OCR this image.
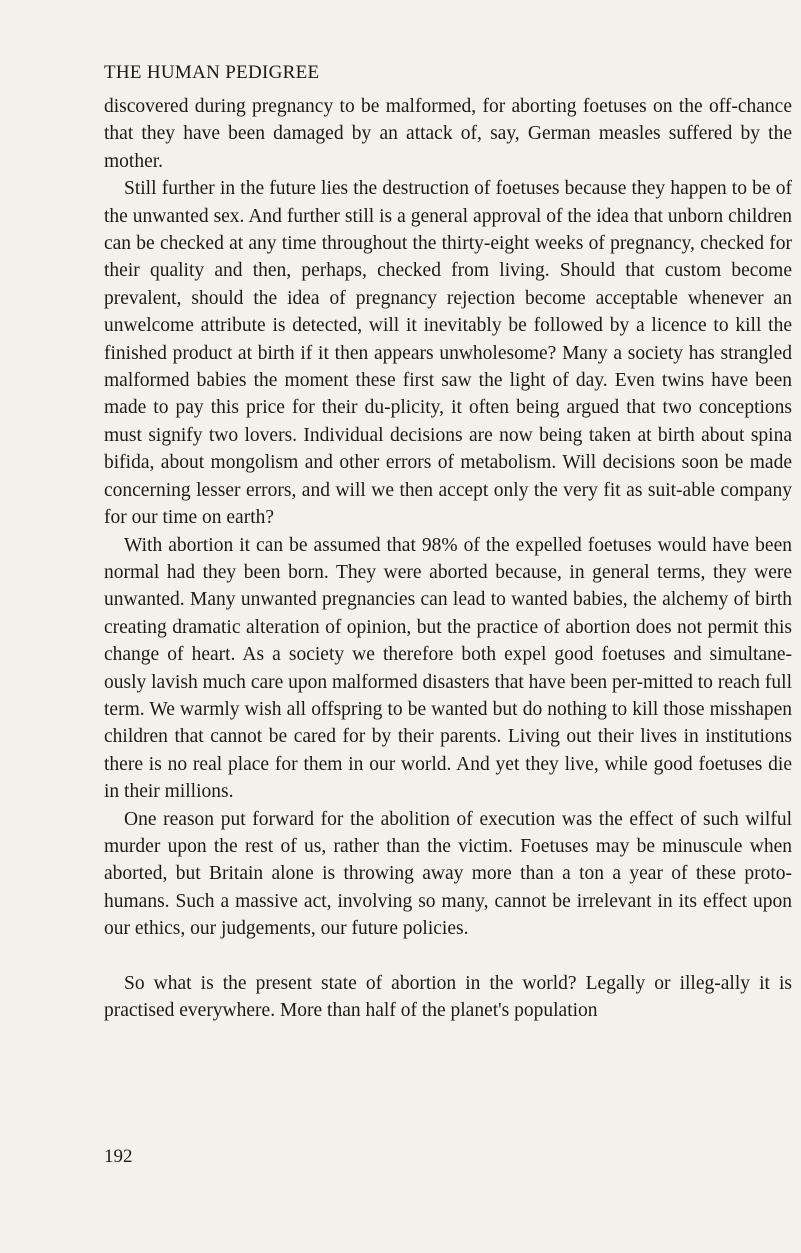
THE HUMAN PEDIGREE

discovered during pregnancy to be malformed, for aborting foetuses on the off-chance that they have been damaged by an attack of, say, German measles suffered by the mother.

Still further in the future lies the destruction of foetuses because they happen to be of the unwanted sex. And further still is a general approval of the idea that unborn children can be checked at any time throughout the thirty-eight weeks of pregnancy, checked for their quality and then, perhaps, checked from living. Should that custom become prevalent, should the idea of pregnancy rejection become acceptable whenever an unwelcome attribute is detected, will it inevitably be followed by a licence to kill the finished product at birth if it then appears unwholesome? Many a society has strangled malformed babies the moment these first saw the light of day. Even twins have been made to pay this price for their du-plicity, it often being argued that two conceptions must signify two lovers. Individual decisions are now being taken at birth about spina bifida, about mongolism and other errors of metabolism. Will decisions soon be made concerning lesser errors, and will we then accept only the very fit as suit-able company for our time on earth?

With abortion it can be assumed that 98% of the expelled foetuses would have been normal had they been born. They were aborted because, in general terms, they were unwanted. Many unwanted pregnancies can lead to wanted babies, the alchemy of birth creating dramatic alteration of opinion, but the practice of abortion does not permit this change of heart. As a society we therefore both expel good foetuses and simultane-ously lavish much care upon malformed disasters that have been per-mitted to reach full term. We warmly wish all offspring to be wanted but do nothing to kill those misshapen children that cannot be cared for by their parents. Living out their lives in institutions there is no real place for them in our world. And yet they live, while good foetuses die in their millions.

One reason put forward for the abolition of execution was the effect of such wilful murder upon the rest of us, rather than the victim. Foetuses may be minuscule when aborted, but Britain alone is throwing away more than a ton a year of these proto-humans. Such a massive act, involving so many, cannot be irrelevant in its effect upon our ethics, our judgements, our future policies.

So what is the present state of abortion in the world? Legally or illeg-ally it is practised everywhere. More than half of the planet's population

192
